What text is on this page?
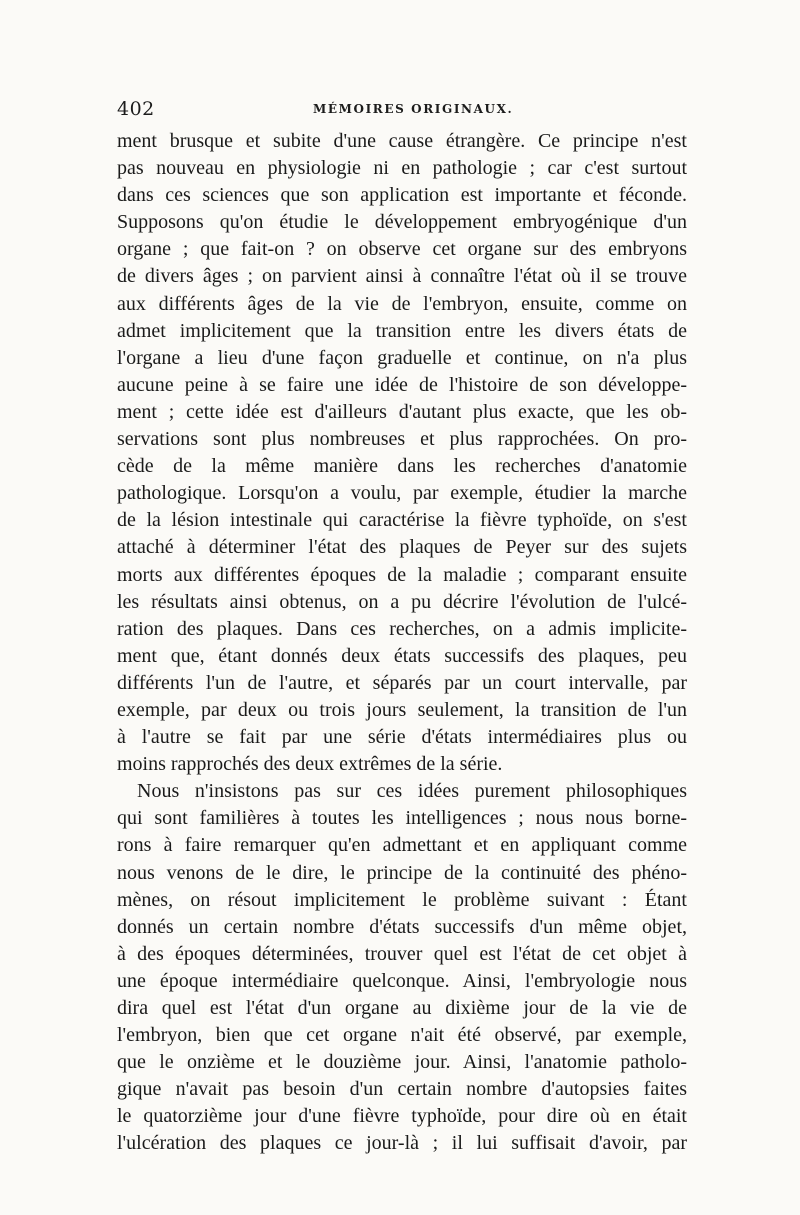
402	MÉMOIRES ORIGINAUX.
ment brusque et subite d'une cause étrangère. Ce principe n'est
pas nouveau en physiologie ni en pathologie ; car c'est surtout
dans ces sciences que son application est importante et féconde.
Supposons qu'on étudie le développement embryogénique d'un
organe ; que fait-on ? on observe cet organe sur des embryons
de divers âges ; on parvient ainsi à connaître l'état où il se trouve
aux différents âges de la vie de l'embryon, ensuite, comme on
admet implicitement que la transition entre les divers états de
l'organe a lieu d'une façon graduelle et continue, on n'a plus
aucune peine à se faire une idée de l'histoire de son développe-
ment ; cette idée est d'ailleurs d'autant plus exacte, que les ob-
servations sont plus nombreuses et plus rapprochées. On pro-
cède de la même manière dans les recherches d'anatomie
pathologique. Lorsqu'on a voulu, par exemple, étudier la marche
de la lésion intestinale qui caractérise la fièvre typhoïde, on s'est
attaché à déterminer l'état des plaques de Peyer sur des sujets
morts aux différentes époques de la maladie ; comparant ensuite
les résultats ainsi obtenus, on a pu décrire l'évolution de l'ulcé-
ration des plaques. Dans ces recherches, on a admis implicite-
ment que, étant donnés deux états successifs des plaques, peu
différents l'un de l'autre, et séparés par un court intervalle, par
exemple, par deux ou trois jours seulement, la transition de l'un
à l'autre se fait par une série d'états intermédiaires plus ou
moins rapprochés des deux extrêmes de la série.
Nous n'insistons pas sur ces idées purement philosophiques
qui sont familières à toutes les intelligences ; nous nous borne-
rons à faire remarquer qu'en admettant et en appliquant comme
nous venons de le dire, le principe de la continuité des phéno-
mènes, on résout implicitement le problème suivant : Étant
donnés un certain nombre d'états successifs d'un même objet,
à des époques déterminées, trouver quel est l'état de cet objet à
une époque intermédiaire quelconque. Ainsi, l'embryologie nous
dira quel est l'état d'un organe au dixième jour de la vie de
l'embryon, bien que cet organe n'ait été observé, par exemple,
que le onzième et le douzième jour. Ainsi, l'anatomie patholo-
gique n'avait pas besoin d'un certain nombre d'autopsies faites
le quatorzième jour d'une fièvre typhoïde, pour dire où en était
l'ulcération des plaques ce jour-là ; il lui suffisait d'avoir, par
